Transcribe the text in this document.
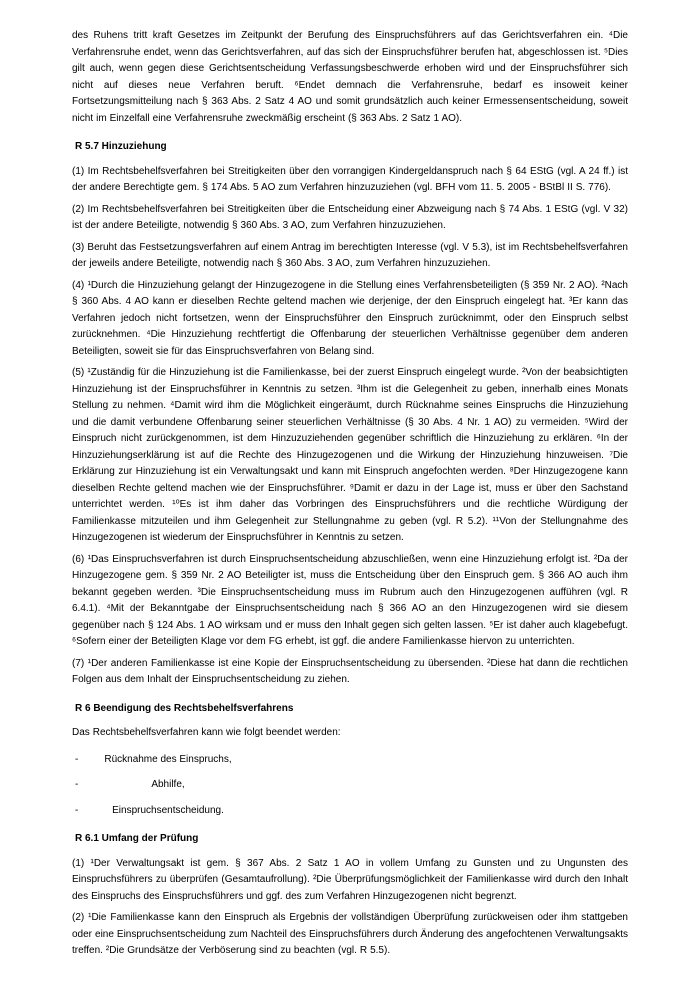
des Ruhens tritt kraft Gesetzes im Zeitpunkt der Berufung des Einspruchsführers auf das Gerichtsverfahren ein. ⁴Die Verfahrensruhe endet, wenn das Gerichtsverfahren, auf das sich der Einspruchsführer berufen hat, abgeschlossen ist. ⁵Dies gilt auch, wenn gegen diese Gerichtsentscheidung Verfassungsbeschwerde erhoben wird und der Einspruchsführer sich nicht auf dieses neue Verfahren beruft. ⁶Endet demnach die Verfahrensruhe, bedarf es insoweit keiner Fortsetzungsmitteilung nach § 363 Abs. 2 Satz 4 AO und somit grundsätzlich auch keiner Ermessensentscheidung, soweit nicht im Einzelfall eine Verfahrensruhe zweckmäßig erscheint (§ 363 Abs. 2 Satz 1 AO).

R 5.7 Hinzuziehung

(1) Im Rechtsbehelfsverfahren bei Streitigkeiten über den vorrangigen Kindergeldanspruch nach § 64 EStG (vgl. A 24 ff.) ist der andere Berechtigte gem. § 174 Abs. 5 AO zum Verfahren hinzuzuziehen (vgl. BFH vom 11. 5. 2005 - BStBl II S. 776).

(2) Im Rechtsbehelfsverfahren bei Streitigkeiten über die Entscheidung einer Abzweigung nach § 74 Abs. 1 EStG (vgl. V 32) ist der andere Beteiligte, notwendig § 360 Abs. 3 AO, zum Verfahren hinzuzuziehen.

(3) Beruht das Festsetzungsverfahren auf einem Antrag im berechtigten Interesse (vgl. V 5.3), ist im Rechtsbehelfsverfahren der jeweils andere Beteiligte, notwendig nach § 360 Abs. 3 AO, zum Verfahren hinzuzuziehen.

(4) ¹Durch die Hinzuziehung gelangt der Hinzugezogene in die Stellung eines Verfahrensbeteiligten (§ 359 Nr. 2 AO). ²Nach § 360 Abs. 4 AO kann er dieselben Rechte geltend machen wie derjenige, der den Einspruch eingelegt hat. ³Er kann das Verfahren jedoch nicht fortsetzen, wenn der Einspruchsführer den Einspruch zurücknimmt, oder den Einspruch selbst zurücknehmen. ⁴Die Hinzuziehung rechtfertigt die Offenbarung der steuerlichen Verhältnisse gegenüber dem anderen Beteiligten, soweit sie für das Einspruchsverfahren von Belang sind.

(5) ¹Zuständig für die Hinzuziehung ist die Familienkasse, bei der zuerst Einspruch eingelegt wurde. ²Von der beabsichtigten Hinzuziehung ist der Einspruchsführer in Kenntnis zu setzen. ³Ihm ist die Gelegenheit zu geben, innerhalb eines Monats Stellung zu nehmen. ⁴Damit wird ihm die Möglichkeit eingeräumt, durch Rücknahme seines Einspruchs die Hinzuziehung und die damit verbundene Offenbarung seiner steuerlichen Verhältnisse (§ 30 Abs. 4 Nr. 1 AO) zu vermeiden. ⁵Wird der Einspruch nicht zurückgenommen, ist dem Hinzuzuziehenden gegenüber schriftlich die Hinzuziehung zu erklären. ⁶In der Hinzuziehungserklärung ist auf die Rechte des Hinzugezogenen und die Wirkung der Hinzuziehung hinzuweisen. ⁷Die Erklärung zur Hinzuziehung ist ein Verwaltungsakt und kann mit Einspruch angefochten werden. ⁸Der Hinzugezogene kann dieselben Rechte geltend machen wie der Einspruchsführer. ⁹Damit er dazu in der Lage ist, muss er über den Sachstand unterrichtet werden. ¹⁰Es ist ihm daher das Vorbringen des Einspruchsführers und die rechtliche Würdigung der Familienkasse mitzuteilen und ihm Gelegenheit zur Stellungnahme zu geben (vgl. R 5.2). ¹¹Von der Stellungnahme des Hinzugezogenen ist wiederum der Einspruchsführer in Kenntnis zu setzen.

(6) ¹Das Einspruchsverfahren ist durch Einspruchsentscheidung abzuschließen, wenn eine Hinzuziehung erfolgt ist. ²Da der Hinzugezogene gem. § 359 Nr. 2 AO Beteiligter ist, muss die Entscheidung über den Einspruch gem. § 366 AO auch ihm bekannt gegeben werden. ³Die Einspruchsentscheidung muss im Rubrum auch den Hinzugezogenen aufführen (vgl. R 6.4.1). ⁴Mit der Bekanntgabe der Einspruchsentscheidung nach § 366 AO an den Hinzugezogenen wird sie diesem gegenüber nach § 124 Abs. 1 AO wirksam und er muss den Inhalt gegen sich gelten lassen. ⁵Er ist daher auch klagebefugt. ⁶Sofern einer der Beteiligten Klage vor dem FG erhebt, ist ggf. die andere Familienkasse hiervon zu unterrichten.

(7) ¹Der anderen Familienkasse ist eine Kopie der Einspruchsentscheidung zu übersenden. ²Diese hat dann die rechtlichen Folgen aus dem Inhalt der Einspruchsentscheidung zu ziehen.

R 6 Beendigung des Rechtsbehelfsverfahrens

Das Rechtsbehelfsverfahren kann wie folgt beendet werden:

-	Rücknahme des Einspruchs,
-	Abhilfe,
-	Einspruchsentscheidung.
R 6.1 Umfang der Prüfung

(1) ¹Der Verwaltungsakt ist gem. § 367 Abs. 2 Satz 1 AO in vollem Umfang zu Gunsten und zu Ungunsten des Einspruchsführers zu überprüfen (Gesamtaufrollung). ²Die Überprüfungsmöglichkeit der Familienkasse wird durch den Inhalt des Einspruchs des Einspruchsführers und ggf. des zum Verfahren Hinzugezogenen nicht begrenzt.

(2) ¹Die Familienkasse kann den Einspruch als Ergebnis der vollständigen Überprüfung zurückweisen oder ihm stattgeben oder eine Einspruchsentscheidung zum Nachteil des Einspruchsführers durch Änderung des angefochtenen Verwaltungsakts treffen. ²Die Grundsätze der Verböserung sind zu beachten (vgl. R 5.5).
